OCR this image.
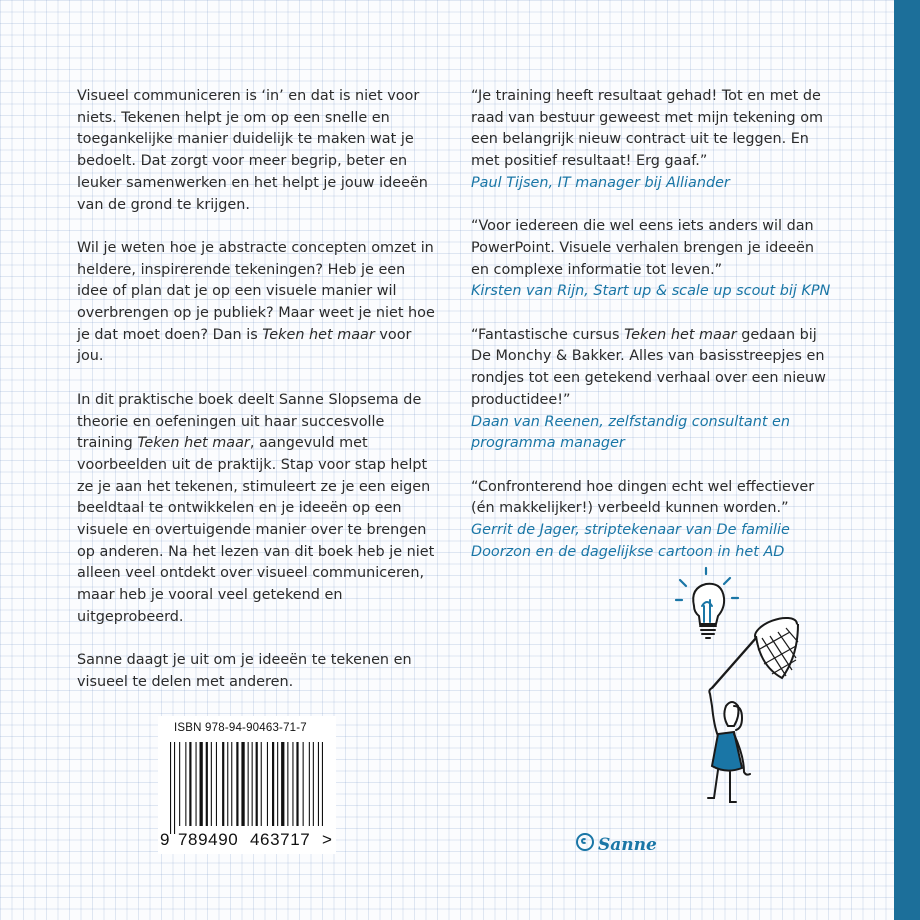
Visueel communiceren is ‘in’ en dat is niet voor niets. Tekenen helpt je om op een snelle en toegankelijke manier duidelijk te maken wat je bedoelt. Dat zorgt voor meer begrip, beter en leuker samenwerken en het helpt je jouw ideeën van de grond te krijgen.

Wil je weten hoe je abstracte concepten omzet in heldere, inspirerende tekeningen? Heb je een idee of plan dat je op een visuele manier wil overbrengen op je publiek? Maar weet je niet hoe je dat moet doen? Dan is Teken het maar voor jou.

In dit praktische boek deelt Sanne Slopsema de theorie en oefeningen uit haar succesvolle training Teken het maar, aangevuld met voorbeelden uit de praktijk. Stap voor stap helpt ze je aan het tekenen, stimuleert ze je een eigen beeldtaal te ontwikkelen en je ideeën op een visuele en overtuigende manier over te brengen op anderen. Na het lezen van dit boek heb je niet alleen veel ontdekt over visueel communiceren, maar heb je vooral veel getekend en uitgeprobeerd.

Sanne daagt je uit om je ideeën te tekenen en visueel te delen met anderen.

“Je training heeft resultaat gehad! Tot en met de raad van bestuur geweest met mijn tekening om een belangrijk nieuw contract uit te leggen. En met positief resultaat! Erg gaaf.”
Paul Tijsen, IT manager bij Alliander

“Voor iedereen die wel eens iets anders wil dan PowerPoint. Visuele verhalen brengen je ideeën en complexe informatie tot leven.”
Kirsten van Rijn, Start up & scale up scout bij KPN

“Fantastische cursus Teken het maar gedaan bij De Monchy & Bakker. Alles van basisstreepjes en rondjes tot een getekend verhaal over een nieuw productidee!”
Daan van Reenen, zelfstandig consultant en programma manager

“Confronterend hoe dingen echt wel effectiever (én makkelijker!) verbeeld kunnen worden.”
Gerrit de Jager, striptekenaar van De familie Doorzon en de dagelijkse cartoon in het AD

ISBN 978-94-90463-71-7
9 789490 463717 >	Sanne
